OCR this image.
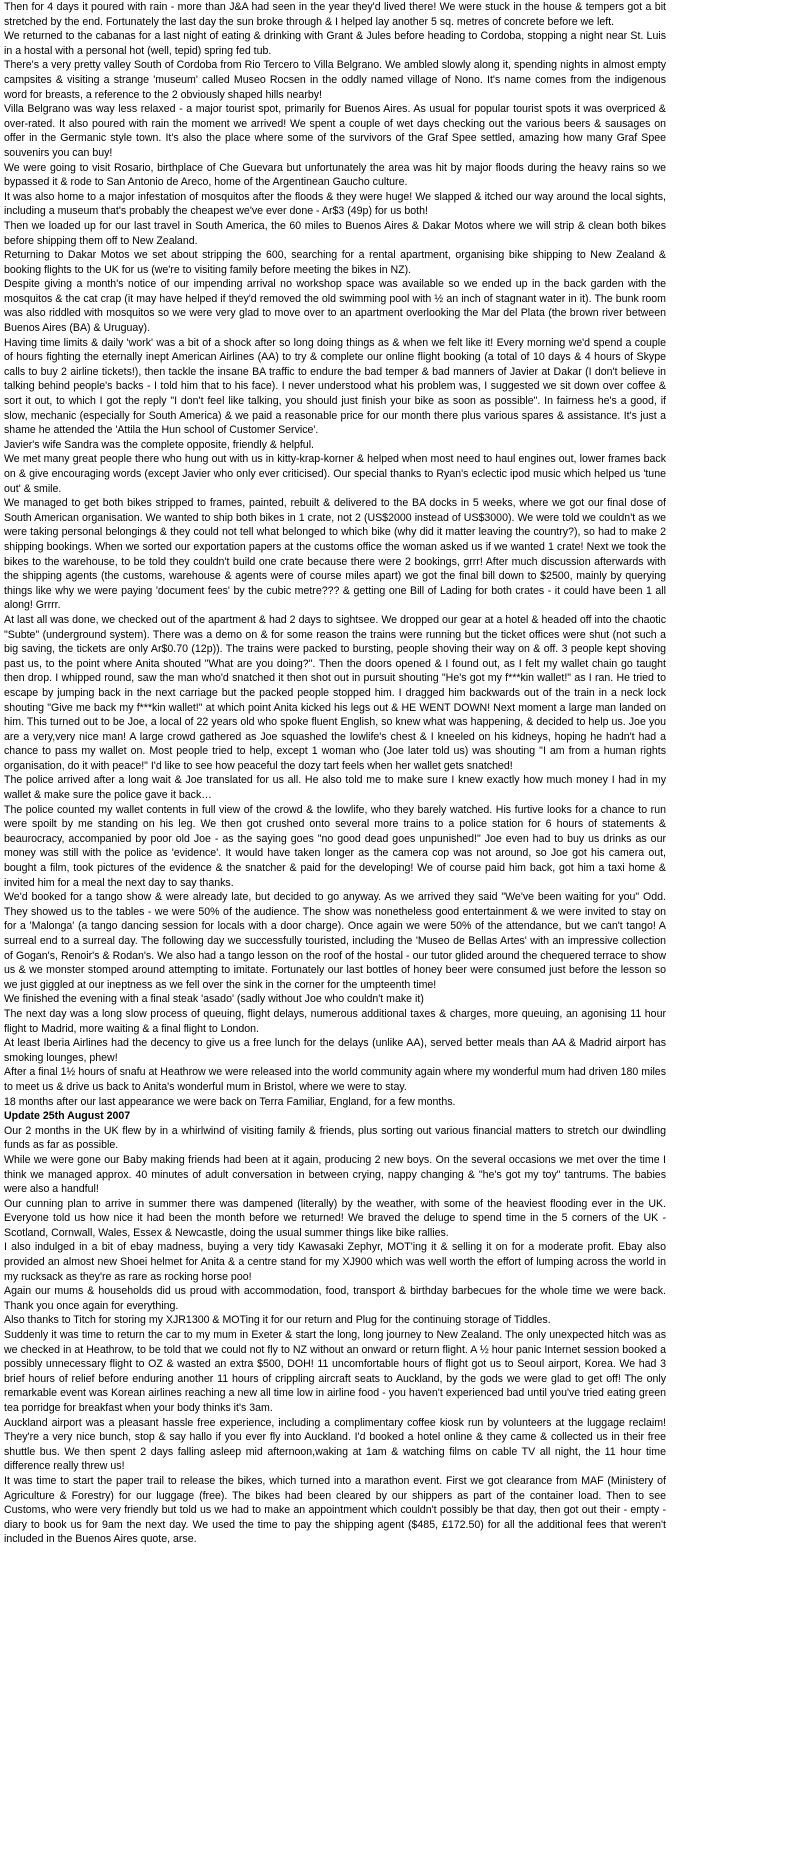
Then for 4 days it poured with rain - more than J&A had seen in the year they'd lived there! We were stuck in the house & tempers got a bit stretched by the end. Fortunately the last day the sun broke through & I helped lay another 5 sq. metres of concrete before we left.

We returned to the cabanas for a last night of eating & drinking with Grant & Jules before heading to Cordoba, stopping a night near St. Luis in a hostal with a personal hot (well, tepid) spring fed tub.

There's a very pretty valley South of Cordoba from Rio Tercero to Villa Belgrano. We ambled slowly along it, spending nights in almost empty campsites & visiting a strange 'museum' called Museo Rocsen in the oddly named village of Nono. It's name comes from the indigenous word for breasts, a reference to the 2 obviously shaped hills nearby!

Villa Belgrano was way less relaxed - a major tourist spot, primarily for Buenos Aires. As usual for popular tourist spots it was overpriced & over-rated. It also poured with rain the moment we arrived! We spent a couple of wet days checking out the various beers & sausages on offer in the Germanic style town. It's also the place where some of the survivors of the Graf Spee settled, amazing how many Graf Spee souvenirs you can buy!

We were going to visit Rosario, birthplace of Che Guevara but unfortunately the area was hit by major floods during the heavy rains so we bypassed it & rode to San Antonio de Areco, home of the Argentinean Gaucho culture.

It was also home to a major infestation of mosquitos after the floods & they were huge! We slapped & itched our way around the local sights, including a museum that's probably the cheapest we've ever done - Ar$3 (49p) for us both!

Then we loaded up for our last travel in South America, the 60 miles to Buenos Aires & Dakar Motos where we will strip & clean both bikes before shipping them off to New Zealand.

Returning to Dakar Motos we set about stripping the 600, searching for a rental apartment, organising bike shipping to New Zealand & booking flights to the UK for us (we're to visiting family before meeting the bikes in NZ).

Despite giving a month's notice of our impending arrival no workshop space was available so we ended up in the back garden with the mosquitos & the cat crap (it may have helped if they'd removed the old swimming pool with ½ an inch of stagnant water in it). The bunk room was also riddled with mosquitos so we were very glad to move over to an apartment overlooking the Mar del Plata (the brown river between Buenos Aires (BA) & Uruguay).

Having time limits & daily 'work' was a bit of a shock after so long doing things as & when we felt like it! Every morning we'd spend a couple of hours fighting the eternally inept American Airlines (AA) to try & complete our online flight booking (a total of 10 days & 4 hours of Skype calls to buy 2 airline tickets!), then tackle the insane BA traffic to endure the bad temper & bad manners of Javier at Dakar (I don't believe in talking behind people's backs - I told him that to his face). I never understood what his problem was, I suggested we sit down over coffee & sort it out, to which I got the reply "I don't feel like talking, you should just finish your bike as soon as possible". In fairness he's a good, if slow, mechanic (especially for South America) & we paid a reasonable price for our month there plus various spares & assistance. It's just a shame he attended the 'Attila the Hun school of Customer Service'.

Javier's wife Sandra was the complete opposite, friendly & helpful.

We met many great people there who hung out with us in kitty-krap-korner & helped when most need to haul engines out, lower frames back on & give encouraging words (except Javier who only ever criticised). Our special thanks to Ryan's eclectic ipod music which helped us 'tune out' & smile.

We managed to get both bikes stripped to frames, painted, rebuilt & delivered to the BA docks in 5 weeks, where we got our final dose of South American organisation. We wanted to ship both bikes in 1 crate, not 2 (US$2000 instead of US$3000). We were told we couldn't as we were taking personal belongings & they could not tell what belonged to which bike (why did it matter leaving the country?), so had to make 2 shipping bookings. When we sorted our exportation papers at the customs office the woman asked us if we wanted 1 crate! Next we took the bikes to the warehouse, to be told they couldn't build one crate because there were 2 bookings, grrr! After much discussion afterwards with the shipping agents (the customs, warehouse & agents were of course miles apart) we got the final bill down to $2500, mainly by querying things like why we were paying 'document fees' by the cubic metre??? & getting one Bill of Lading for both crates - it could have been 1 all along! Grrrr.

At last all was done, we checked out of the apartment & had 2 days to sightsee. We dropped our gear at a hotel & headed off into the chaotic "Subte" (underground system). There was a demo on & for some reason the trains were running but the ticket offices were shut (not such a big saving, the tickets are only Ar$0.70 (12p)). The trains were packed to bursting, people shoving their way on & off. 3 people kept shoving past us, to the point where Anita shouted "What are you doing?". Then the doors opened & I found out, as I felt my wallet chain go taught then drop. I whipped round, saw the man who'd snatched it then shot out in pursuit shouting "He's got my f***kin wallet!" as I ran. He tried to escape by jumping back in the next carriage but the packed people stopped him. I dragged him backwards out of the train in a neck lock shouting "Give me back my f***kin wallet!" at which point Anita kicked his legs out & HE WENT DOWN! Next moment a large man landed on him. This turned out to be Joe, a local of 22 years old who spoke fluent English, so knew what was happening, & decided to help us. Joe you are a very,very nice man! A large crowd gathered as Joe squashed the lowlife's chest & I kneeled on his kidneys, hoping he hadn't had a chance to pass my wallet on. Most people tried to help, except 1 woman who (Joe later told us) was shouting "I am from a human rights organisation, do it with peace!" I'd like to see how peaceful the dozy tart feels when her wallet gets snatched!

The police arrived after a long wait & Joe translated for us all. He also told me to make sure I knew exactly how much money I had in my wallet & make sure the police gave it back…

The police counted my wallet contents in full view of the crowd & the lowlife, who they barely watched. His furtive looks for a chance to run were spoilt by me standing on his leg. We then got crushed onto several more trains to a police station for 6 hours of statements & beaurocracy, accompanied by poor old Joe - as the saying goes "no good dead goes unpunished!" Joe even had to buy us drinks as our money was still with the police as 'evidence'. It would have taken longer as the camera cop was not around, so Joe got his camera out, bought a film, took pictures of the evidence & the snatcher & paid for the developing! We of course paid him back, got him a taxi home & invited him for a meal the next day to say thanks.

We'd booked for a tango show & were already late, but decided to go anyway. As we arrived they said "We've been waiting for you" Odd. They showed us to the tables - we were 50% of the audience. The show was nonetheless good entertainment & we were invited to stay on for a 'Malonga' (a tango dancing session for locals with a door charge). Once again we were 50% of the attendance, but we can't tango! A surreal end to a surreal day. The following day we successfully touristed, including the 'Museo de Bellas Artes' with an impressive collection of Gogan's, Renoir's & Rodan's. We also had a tango lesson on the roof of the hostal - our tutor glided around the chequered terrace to show us & we monster stomped around attempting to imitate. Fortunately our last bottles of honey beer were consumed just before the lesson so we just giggled at our ineptness as we fell over the sink in the corner for the umpteenth time!

We finished the evening with a final steak 'asado' (sadly without Joe who couldn't make it)

The next day was a long slow process of queuing, flight delays, numerous additional taxes & charges, more queuing, an agonising 11 hour flight to Madrid, more waiting & a final flight to London.

At least Iberia Airlines had the decency to give us a free lunch for the delays (unlike AA), served better meals than AA & Madrid airport has smoking lounges, phew!

After a final 1½ hours of snafu at Heathrow we were released into the world community again where my wonderful mum had driven 180 miles to meet us & drive us back to Anita's wonderful mum in Bristol, where we were to stay.

18 months after our last appearance we were back on Terra Familiar, England, for a few months.

Update 25th August 2007

Our 2 months in the UK flew by in a whirlwind of visiting family & friends, plus sorting out various financial matters to stretch our dwindling funds as far as possible.

While we were gone our Baby making friends had been at it again, producing 2 new boys. On the several occasions we met over the time I think we managed approx. 40 minutes of adult conversation in between crying, nappy changing & "he's got my toy" tantrums. The babies were also a handful!

Our cunning plan to arrive in summer there was dampened (literally) by the weather, with some of the heaviest flooding ever in the UK. Everyone told us how nice it had been the month before we returned! We braved the deluge to spend time in the 5 corners of the UK - Scotland, Cornwall, Wales, Essex & Newcastle, doing the usual summer things like bike rallies.

I also indulged in a bit of ebay madness, buying a very tidy Kawasaki Zephyr, MOT'ing it & selling it on for a moderate profit. Ebay also provided an almost new Shoei helmet for Anita & a centre stand for my XJ900 which was well worth the effort of lumping across the world in my rucksack as they're as rare as rocking horse poo!

Again our mums & households did us proud with accommodation, food, transport & birthday barbecues for the whole time we were back. Thank you once again for everything.

Also thanks to Titch for storing my XJR1300 & MOTing it for our return and Plug for the continuing storage of Tiddles.

Suddenly it was time to return the car to my mum in Exeter & start the long, long journey to New Zealand. The only unexpected hitch was as we checked in at Heathrow, to be told that we could not fly to NZ without an onward or return flight. A ½ hour panic Internet session booked a possibly unnecessary flight to OZ & wasted an extra $500, DOH! 11 uncomfortable hours of flight got us to Seoul airport, Korea. We had 3 brief hours of relief before enduring another 11 hours of crippling aircraft seats to Auckland, by the gods we were glad to get off! The only remarkable event was Korean airlines reaching a new all time low in airline food - you haven't experienced bad until you've tried eating green tea porridge for breakfast when your body thinks it's 3am.

Auckland airport was a pleasant hassle free experience, including a complimentary coffee kiosk run by volunteers at the luggage reclaim! They're a very nice bunch, stop & say hallo if you ever fly into Auckland. I'd booked a hotel online & they came & collected us in their free shuttle bus. We then spent 2 days falling asleep mid afternoon,waking at 1am & watching films on cable TV all night, the 11 hour time difference really threw us!

It was time to start the paper trail to release the bikes, which turned into a marathon event. First we got clearance from MAF (Ministery of Agriculture & Forestry) for our luggage (free). The bikes had been cleared by our shippers as part of the container load. Then to see Customs, who were very friendly but told us we had to make an appointment which couldn't possibly be that day, then got out their - empty - diary to book us for 9am the next day. We used the time to pay the shipping agent ($485, £172.50) for all the additional fees that weren't included in the Buenos Aires quote, arse.
